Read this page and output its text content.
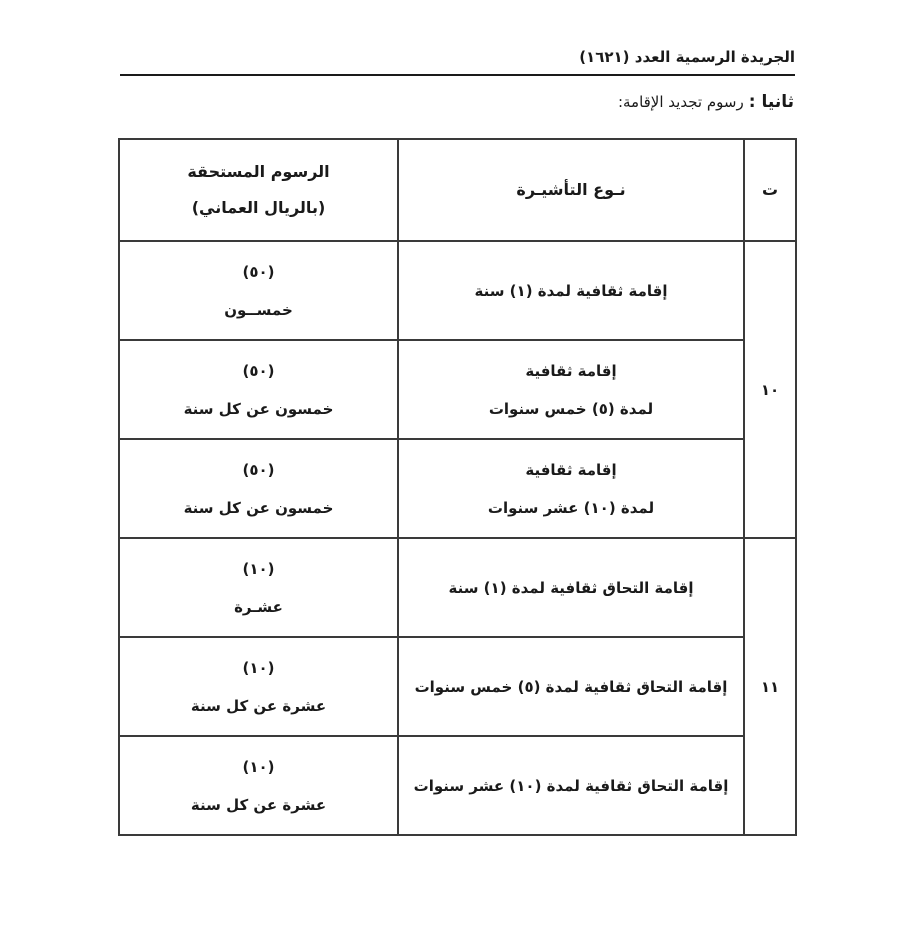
الجريدة الرسمية العدد (١٦٢١)
ثانيا : رسوم تجديد الإقامة:
ت	نـوع التأشيـرة	الرسوم المستحقة
(بالريال العماني)

١٠	إقامة ثقافية لمدة (١) سنة	(٥٠)
خمســون

	إقامة ثقافية
لمدة (٥) خمس سنوات	(٥٠)
خمسون عن كل سنة

	إقامة ثقافية
لمدة (١٠) عشر سنوات	(٥٠)
خمسون عن كل سنة

١١	إقامة التحاق ثقافية لمدة (١) سنة	(١٠)
عشـرة

	إقامة التحاق ثقافية لمدة (٥) خمس سنوات	(١٠)
عشرة عن كل سنة

	إقامة التحاق ثقافية لمدة (١٠) عشر سنوات	(١٠)
عشرة عن كل سنة
